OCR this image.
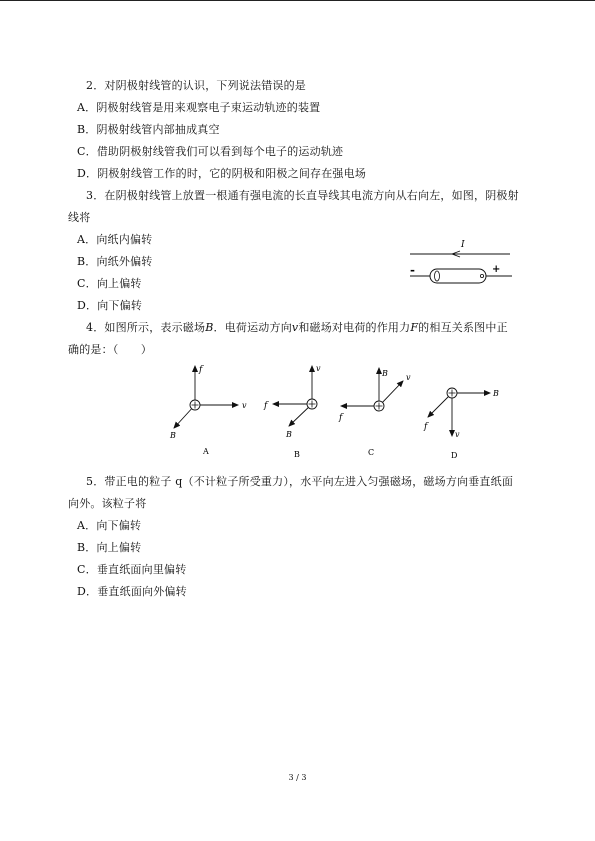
2．对阴极射线管的认识，下列说法错误的是
A．阴极射线管是用来观察电子束运动轨迹的装置
B．阴极射线管内部抽成真空
C．借助阴极射线管我们可以看到每个电子的运动轨迹
D．阴极射线管工作的时，它的阴极和阳极之间存在强电场
3．在阴极射线管上放置一根通有强电流的长直导线其电流方向从右向左，如图，阴极射
线将
A．向纸内偏转
B．向纸外偏转
C．向上偏转
D．向下偏转
I
-	+
4．如图所示，表示磁场B．电荷运动方向v和磁场对电荷的作用力F的相互关系图中正
确的是：（　　）
f
v
B
A
v
f
B
B
B v
f
C
B
f
v
D
5．带正电的粒子 q（不计粒子所受重力），水平向左进入匀强磁场，磁场方向垂直纸面
向外。该粒子将
A．向下偏转
B．向上偏转
C．垂直纸面向里偏转
D．垂直纸面向外偏转
3 / 3
